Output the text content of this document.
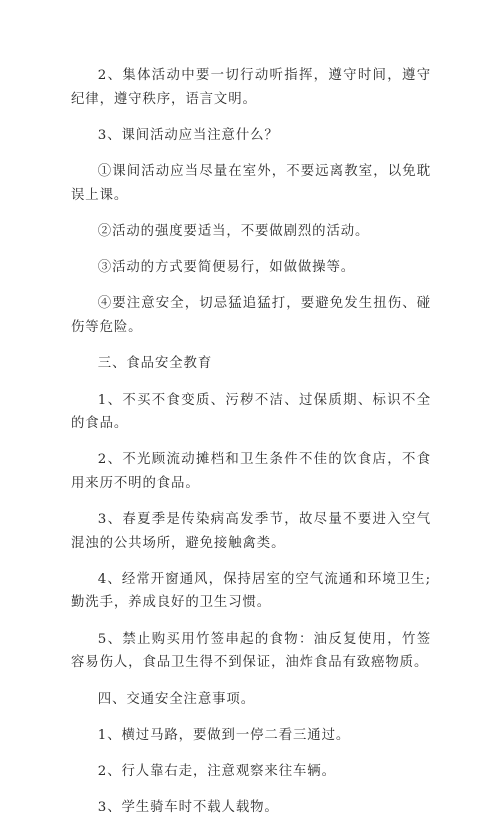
2、集体活动中要一切行动听指挥，遵守时间，遵守纪律，遵守秩序，语言文明。

3、课间活动应当注意什么？

①课间活动应当尽量在室外，不要远离教室，以免耽误上课。

②活动的强度要适当，不要做剧烈的活动。

③活动的方式要简便易行，如做做操等。

④要注意安全，切忌猛追猛打，要避免发生扭伤、碰伤等危险。

三、食品安全教育

1、不买不食变质、污秽不洁、过保质期、标识不全的食品。

2、不光顾流动摊档和卫生条件不佳的饮食店，不食用来历不明的食品。

3、春夏季是传染病高发季节，故尽量不要进入空气混浊的公共场所，避免接触禽类。

4、经常开窗通风，保持居室的空气流通和环境卫生;勤洗手，养成良好的卫生习惯。

5、禁止购买用竹签串起的食物：油反复使用，竹签容易伤人，食品卫生得不到保证，油炸食品有致癌物质。

四、交通安全注意事项。

1、横过马路，要做到一停二看三通过。

2、行人靠右走，注意观察来往车辆。

3、学生骑车时不载人载物。
